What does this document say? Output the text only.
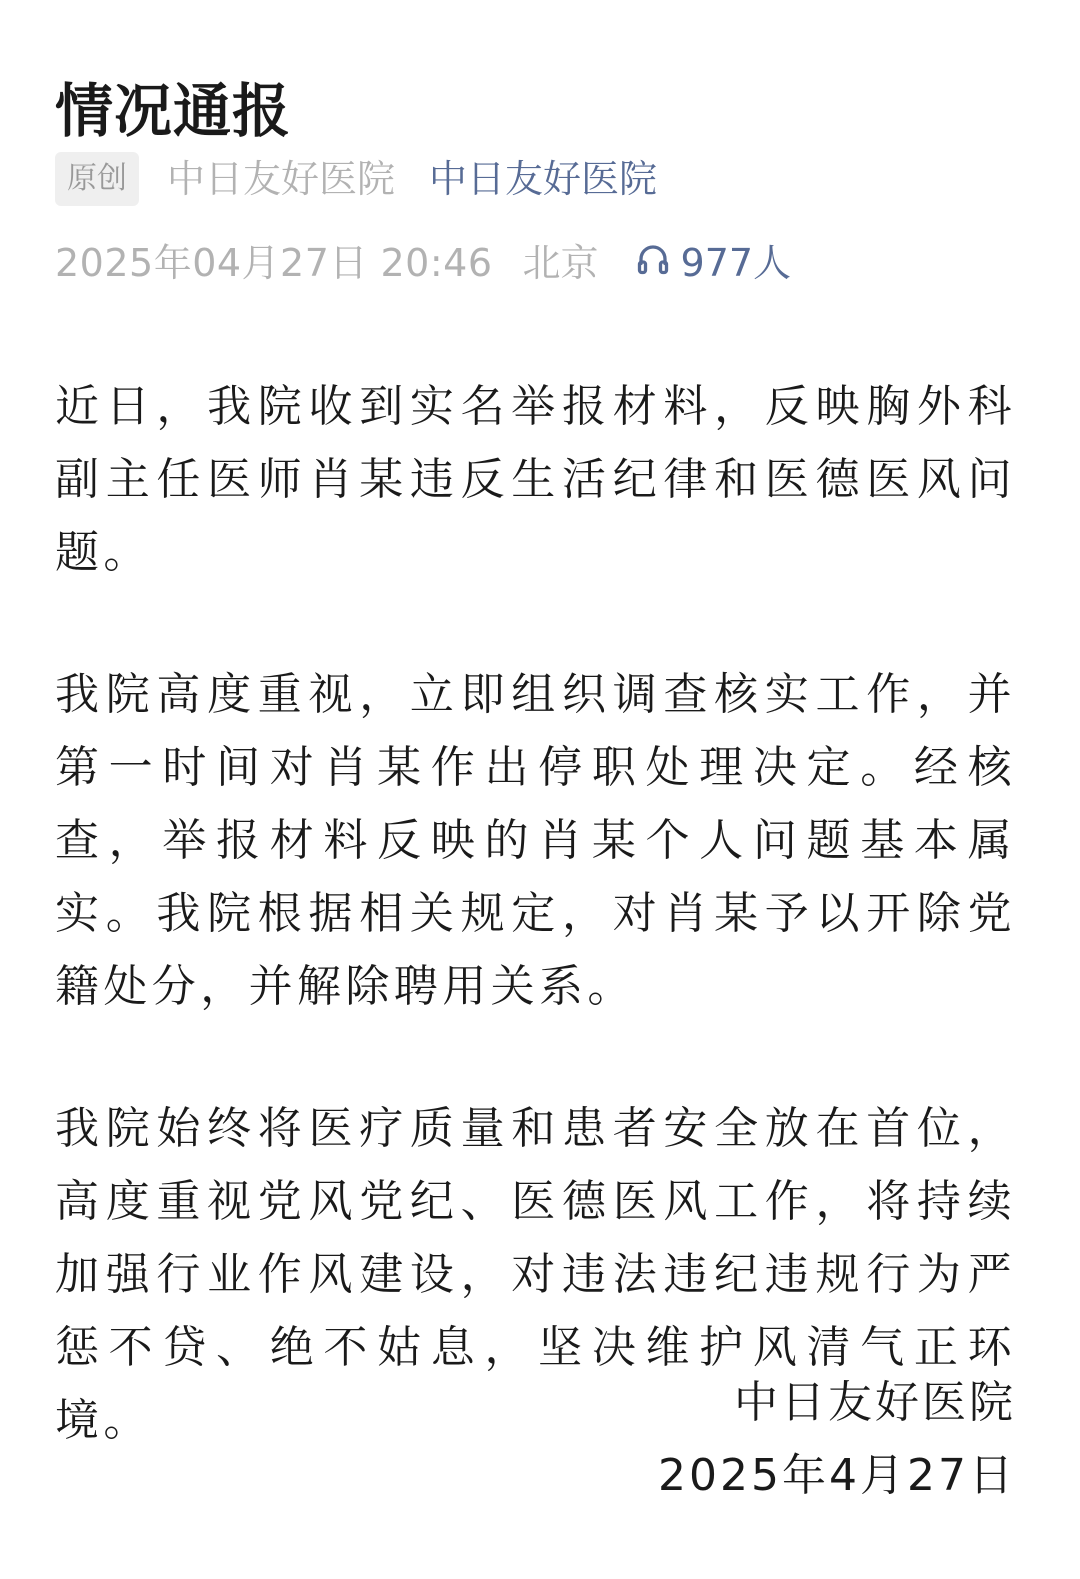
情况通报
原创	中日友好医院 中日友好医院
2025年04月27日 20:46 北京 977人

近日，我院收到实名举报材料，反映胸外科副主任医师肖某违反生活纪律和医德医风问题。

我院高度重视，立即组织调查核实工作，并第一时间对肖某作出停职处理决定。经核查，举报材料反映的肖某个人问题基本属实。我院根据相关规定，对肖某予以开除党籍处分，并解除聘用关系。

我院始终将医疗质量和患者安全放在首位，高度重视党风党纪、医德医风工作，将持续加强行业作风建设，对违法违纪违规行为严惩不贷、绝不姑息，坚决维护风清气正环境。	中日友好医院
2025年4月27日
